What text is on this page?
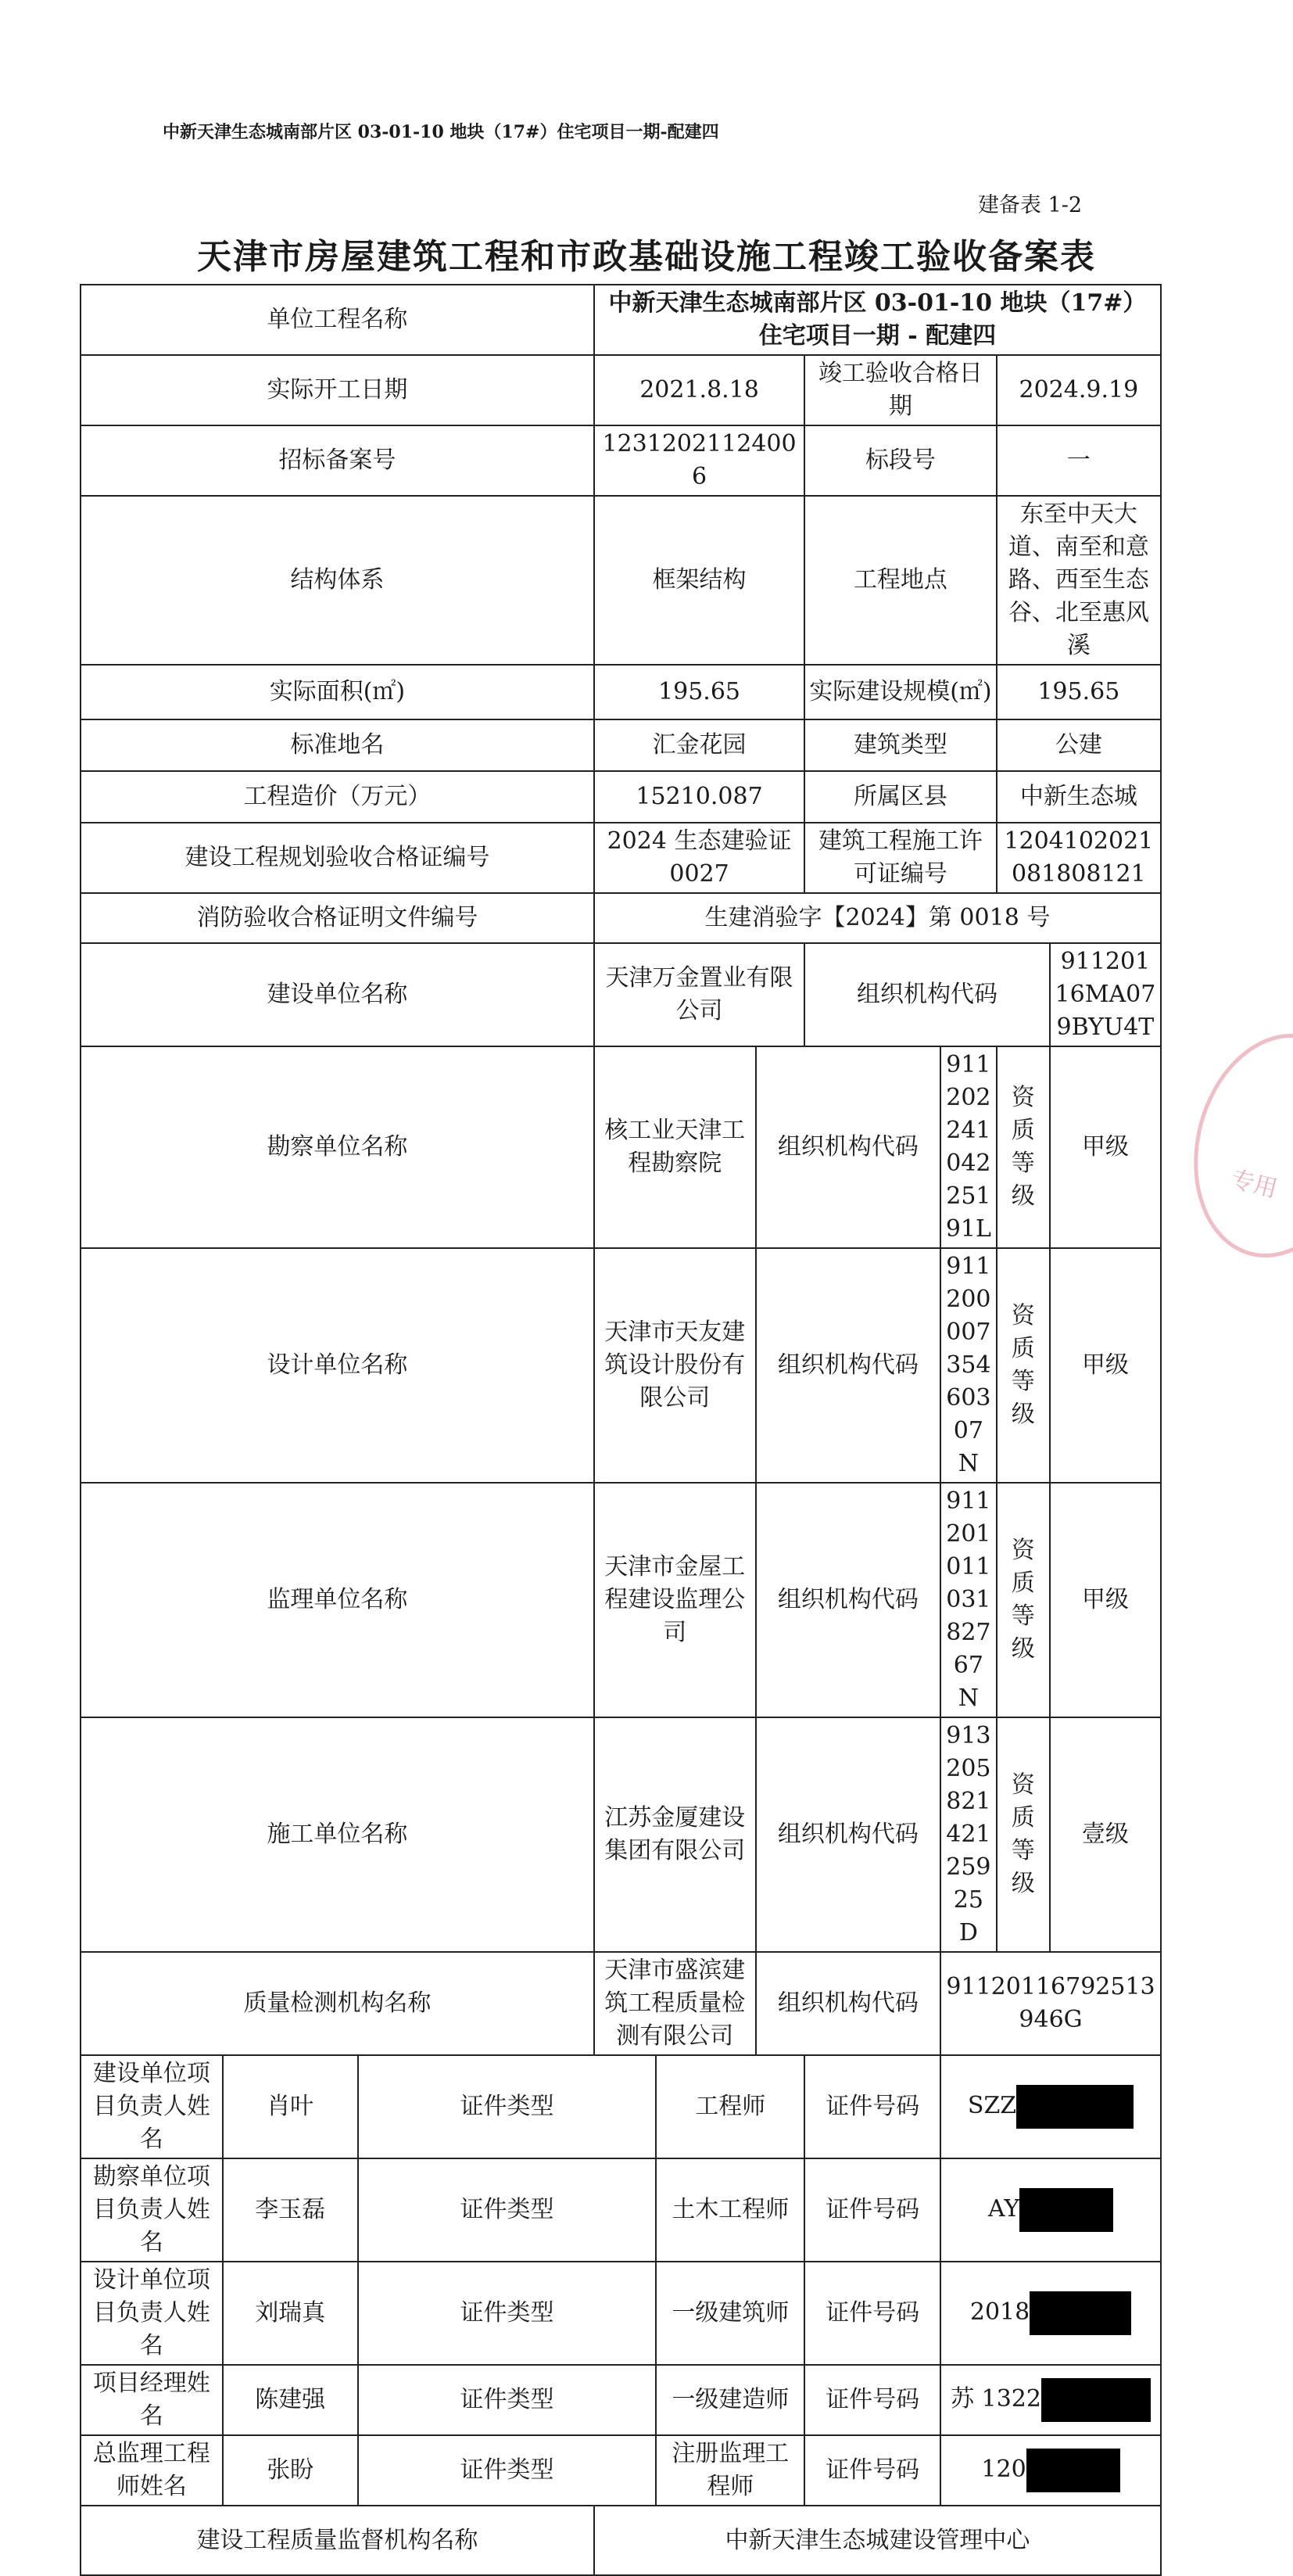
中新天津生态城南部片区 03-01-10 地块（17#）住宅项目一期-配建四
建备表 1-2
天津市房屋建筑工程和市政基础设施工程竣工验收备案表
单位工程名称			中新天津生态城南部片区 03-01-10 地块（17#）住宅项目一期 - 配建四						
实际开工日期			2021.8.18			竣工验收合格日期		2024.9.19	
招标备案号			12312021124006			标段号		一	
结构体系			框架结构			工程地点		东至中天大道、南至和意路、西至生态谷、北至惠风溪	
实际面积(㎡)			195.65			实际建设规模(㎡)		195.65	
标准地名			汇金花园			建筑类型		公建	
工程造价（万元）			15210.087			所属区县		中新生态城	
建设工程规划验收合格证编号			2024 生态建验证 0027			建筑工程施工许可证编号		1204102021081808121	
消防验收合格证明文件编号			生建消验字【2024】第 0018 号						
建设单位名称			天津万金置业有限公司			组织机构代码			91120116MA079BYU4T
勘察单位名称			核工业天津工程勘察院		组织机构代码		91120224104225191L	资质等级	甲级
设计单位名称			天津市天友建筑设计股份有限公司		组织机构代码		91120000735460307N	资质等级	甲级
监理单位名称			天津市金屋工程建设监理公司		组织机构代码		91120101103182767N	资质等级	甲级
施工单位名称			江苏金厦建设集团有限公司		组织机构代码		91320582142125925D	资质等级	壹级
质量检测机构名称			天津市盛滨建筑工程质量检测有限公司		组织机构代码		91120116792513946G		
建设单位项目负责人姓名	肖叶	证件类型		工程师		证件号码	SZZ		
勘察单位项目负责人姓名	李玉磊	证件类型		土木工程师		证件号码	AY		
设计单位项目负责人姓名	刘瑞真	证件类型		一级建筑师		证件号码	2018		
项目经理姓名	陈建强	证件类型		一级建造师		证件号码	苏 1322		
总监理工程师姓名	张盼	证件类型		注册监理工程师		证件号码	120		
建设工程质量监督机构名称			中新天津生态城建设管理中心						
专用
